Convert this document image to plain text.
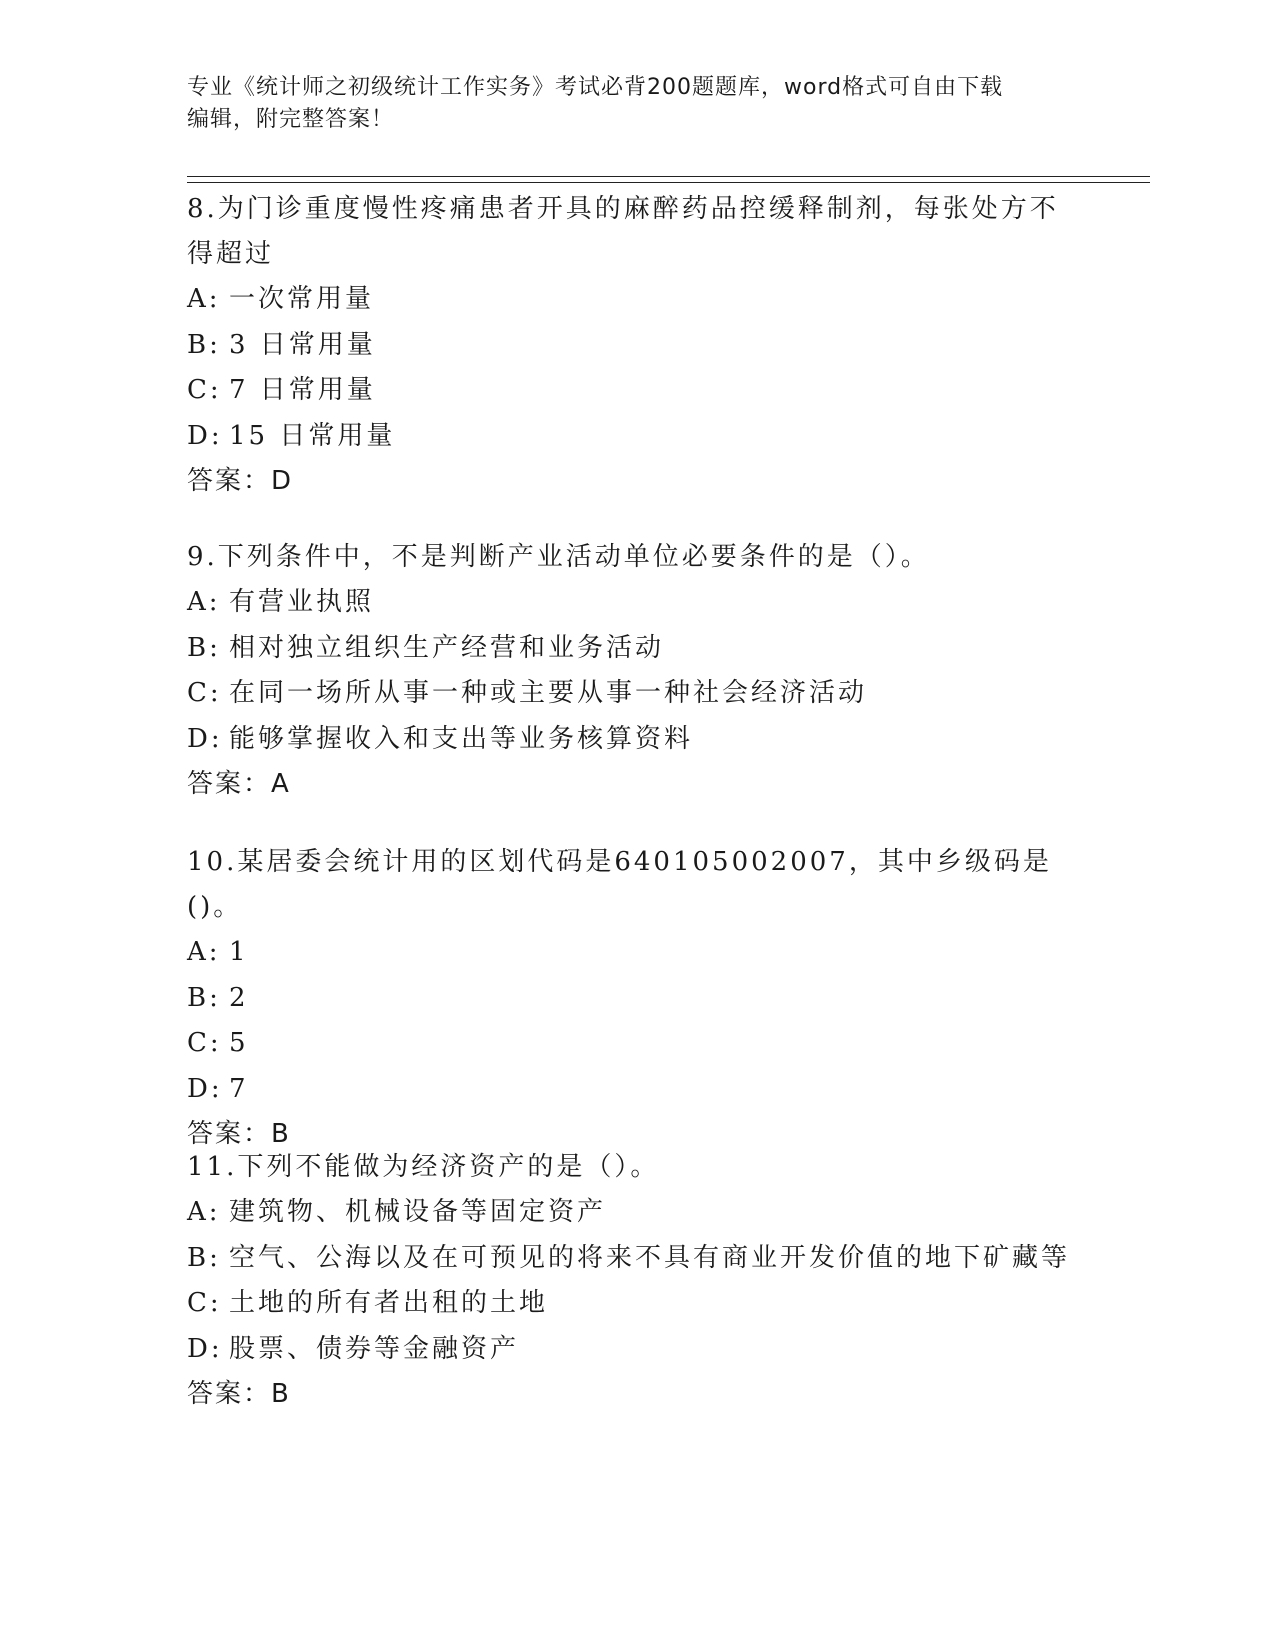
专业《统计师之初级统计工作实务》考试必背200题题库，word格式可自由下载
编辑，附完整答案！
8.为门诊重度慢性疼痛患者开具的麻醉药品控缓释制剂，每张处方不
得超过
A: 一次常用量
B: 3 日常用量
C: 7 日常用量
D: 15 日常用量
答案：D
9.下列条件中，不是判断产业活动单位必要条件的是（）。
A: 有营业执照
B: 相对独立组织生产经营和业务活动
C: 在同一场所从事一种或主要从事一种社会经济活动
D: 能够掌握收入和支出等业务核算资料
答案：A
10.某居委会统计用的区划代码是640105002007，其中乡级码是()。
A: 1
B: 2
C: 5
D: 7
答案：B
11.下列不能做为经济资产的是（）。
A: 建筑物、机械设备等固定资产
B: 空气、公海以及在可预见的将来不具有商业开发价值的地下矿藏等
C: 土地的所有者出租的土地
D: 股票、债券等金融资产
答案：B
